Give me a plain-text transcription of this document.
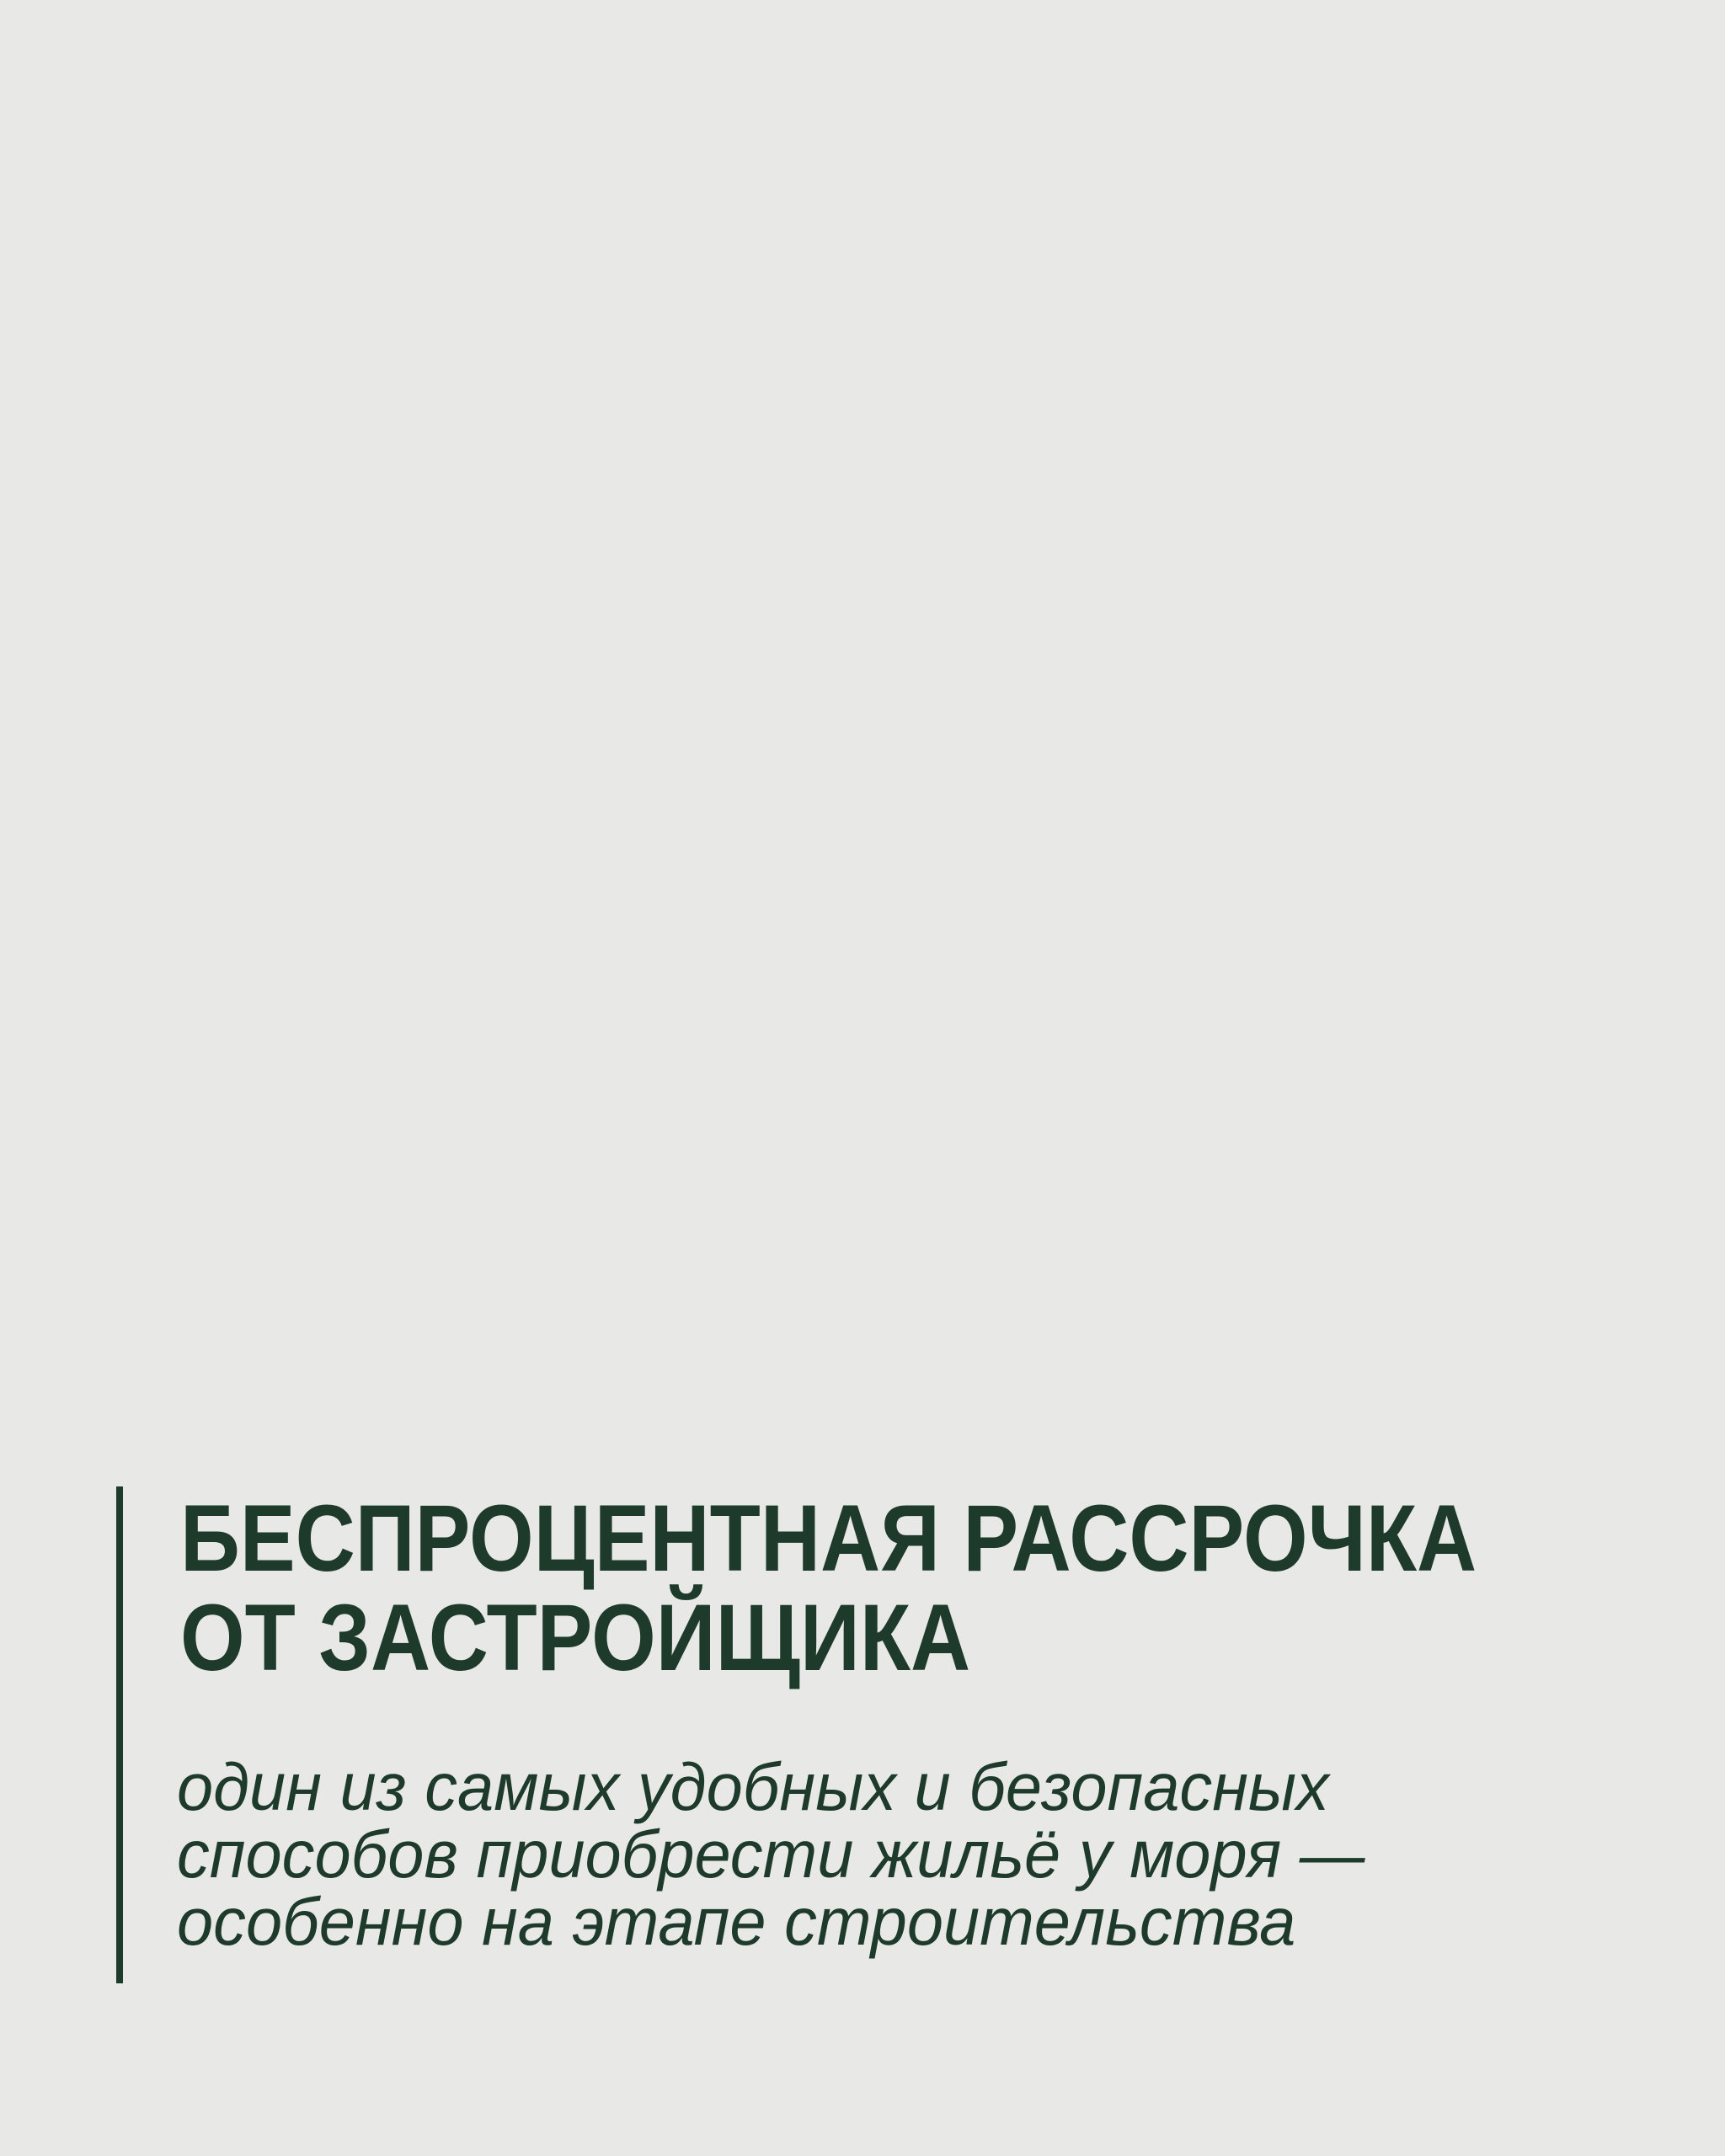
БЕСПРОЦЕНТНАЯ РАССРОЧКА
ОТ ЗАСТРОЙЩИКА

один из самых удобных и безопасных
способов приобрести жильё у моря —
особенно на этапе строительства
